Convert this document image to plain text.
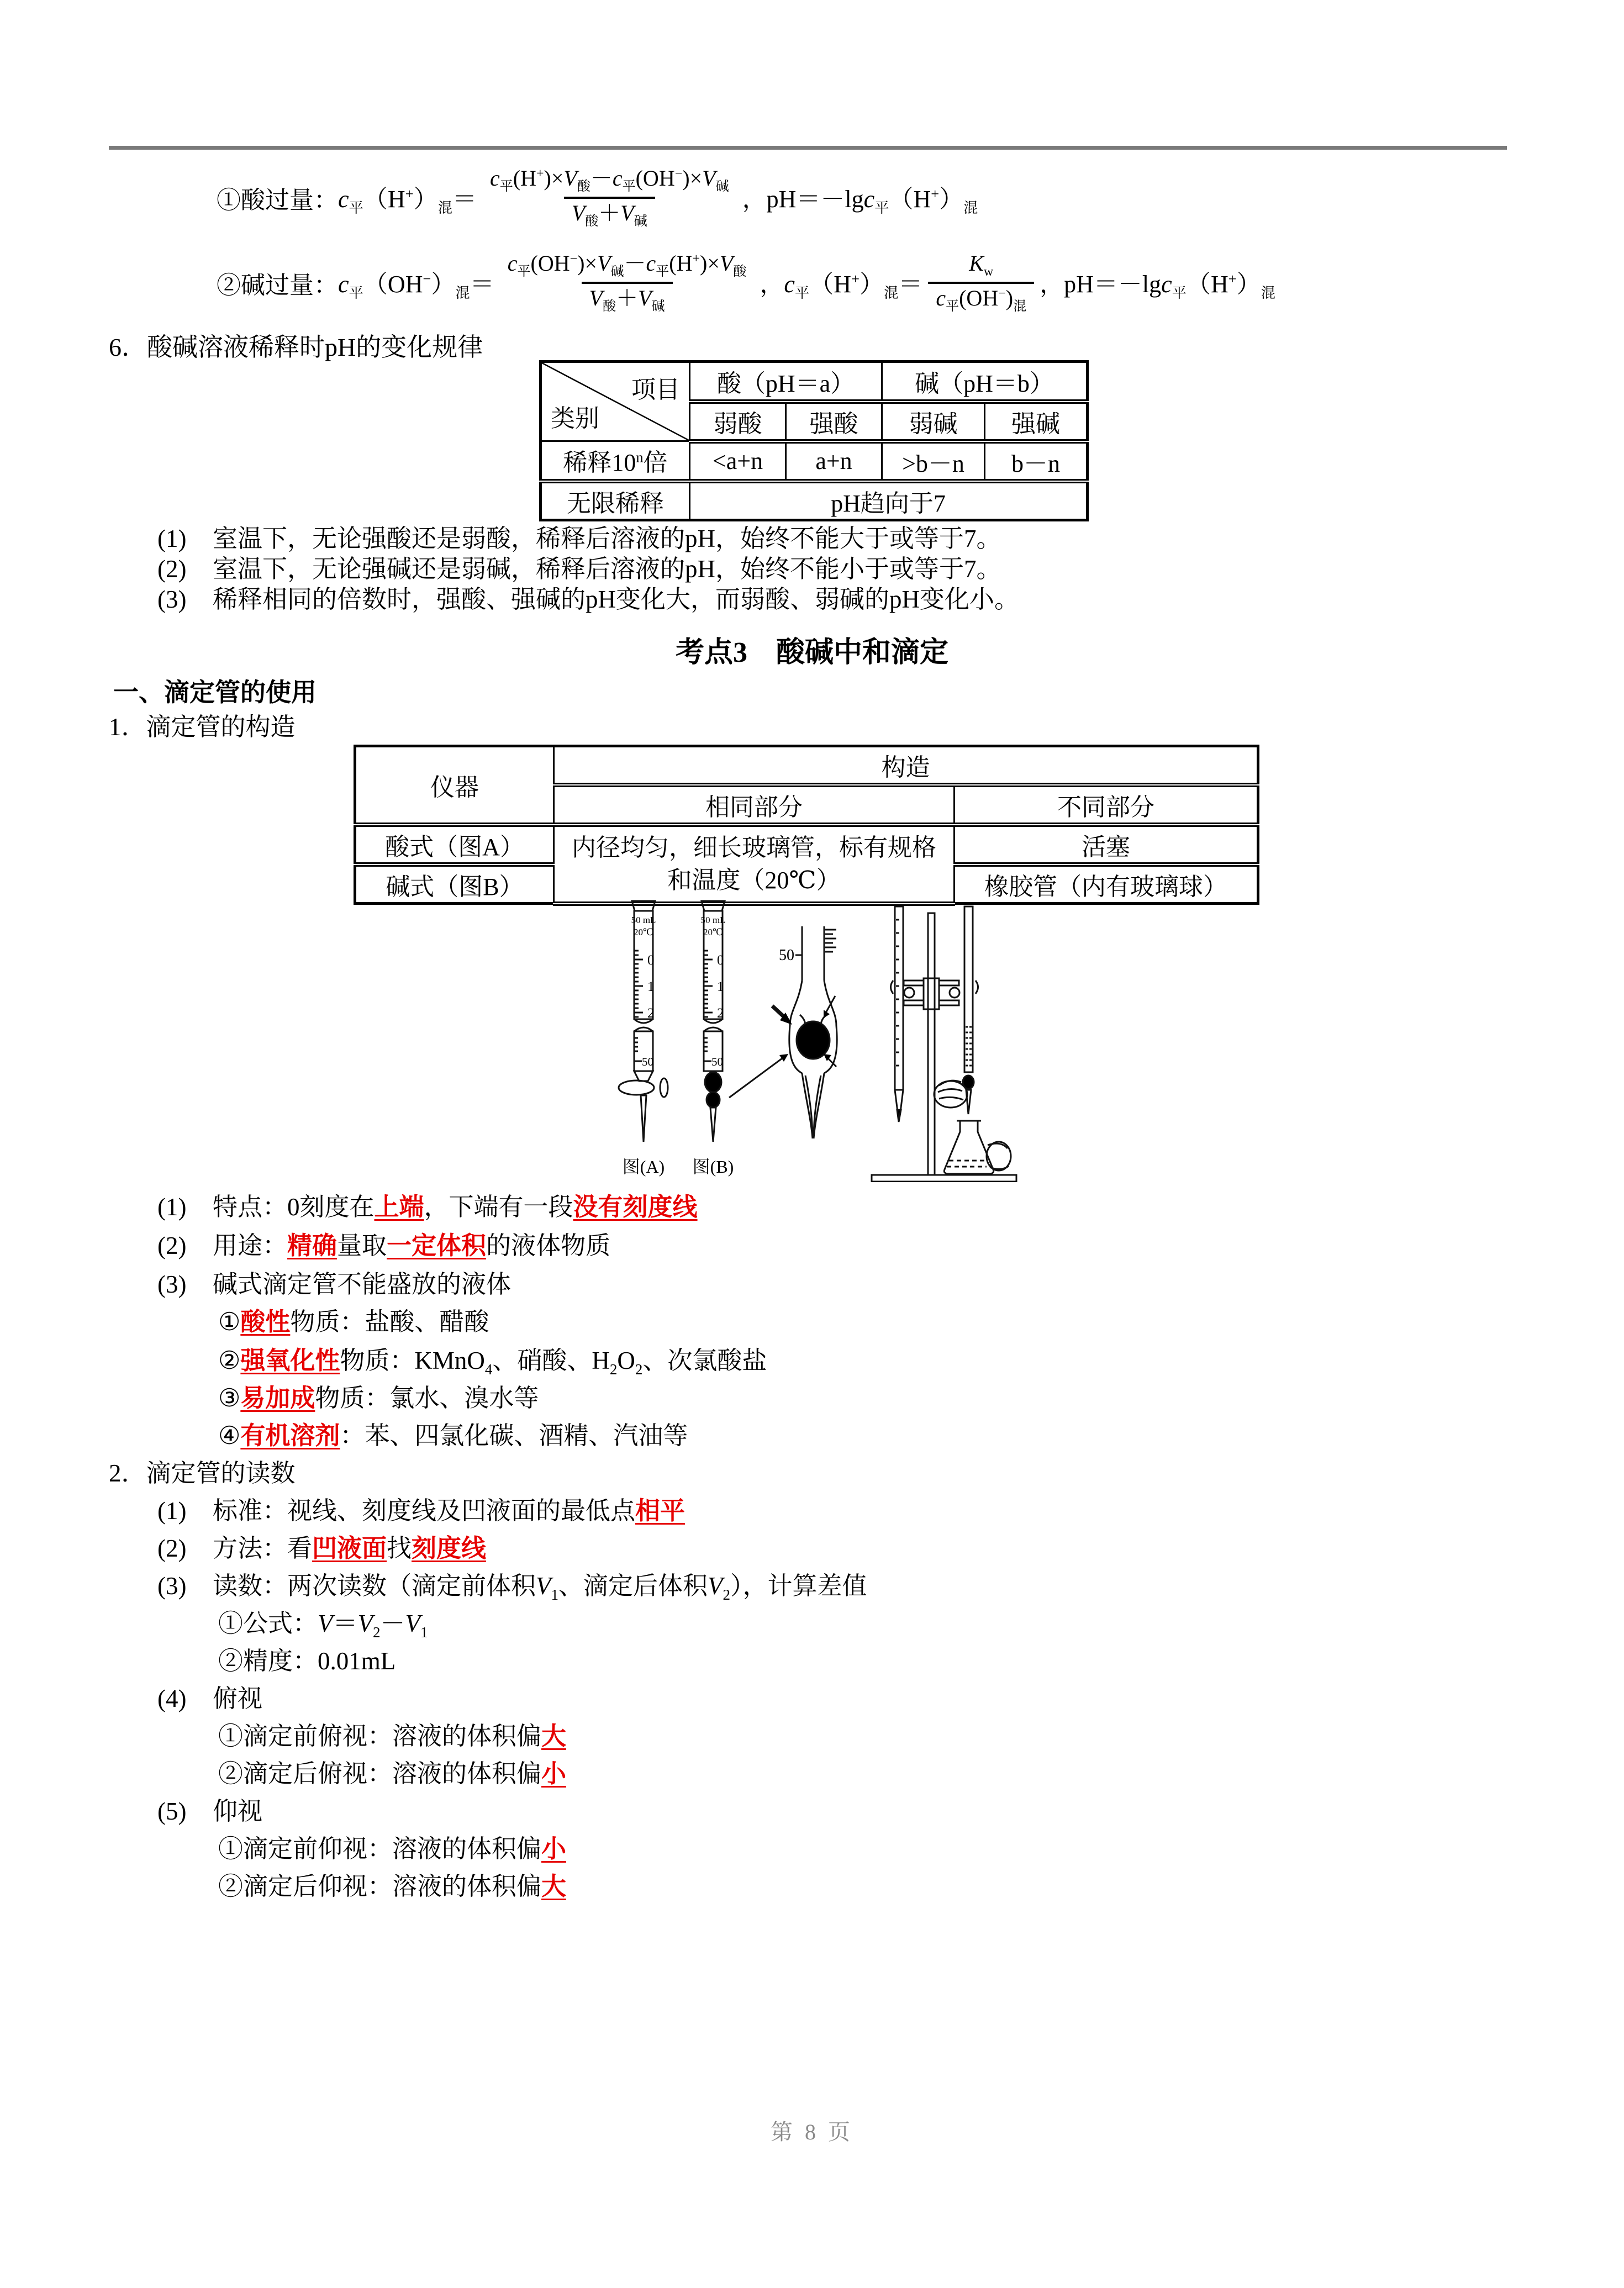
①酸过量： $c_平(H^+)_混= \frac{c_平(H^+)\times V_酸-c_平(OH^-)\times V_碱}{V_酸+V_碱}$ ，$pH=-\lg c_平(H^+)_混$
②碱过量： $c_平(OH^-)_混= \frac{c_平(OH^-)\times V_碱-c_平(H^+)\times V_酸}{V_酸+V_碱}$ ，$c_平(H^+)_混= \frac{K_w}{c_平(OH^-)_混}$ ，$pH=-\lg c_平(H^+)_混$
6．酸碱溶液稀释时pH的变化规律
项目
类别	酸（pH＝a）		碱（pH＝b）	
	弱酸	强酸	弱碱	强碱
稀释10$^n$倍	<a+n	a+n	>b－n	b－n
无限稀释	pH趋向于7			
(1) 室温下，无论强酸还是弱酸，稀释后溶液的pH，始终不能大于或等于7。
(2) 室温下，无论强碱还是弱碱，稀释后溶液的pH，始终不能小于或等于7。
(3) 稀释相同的倍数时，强酸、强碱的pH变化大，而弱酸、弱碱的pH变化小。
考点3　酸碱中和滴定
一、滴定管的使用
1．滴定管的构造
仪器	构造	
	相同部分	不同部分
酸式（图A）	内径均匀，细长玻璃管，标有规格和温度（20℃）	活塞
碱式（图B）		橡胶管（内有玻璃球）
50 mL
20℃
50 mL
20℃
0
1
2
50
0
1
2
50
50
图(A) 图(B)
(1) 特点：0刻度在上端，下端有一段没有刻度线
(2) 用途：精确量取一定体积的液体物质
(3) 碱式滴定管不能盛放的液体
①酸性物质：盐酸、醋酸
②强氧化性物质：KMnO$_4$、硝酸、$H_2O_2$、次氯酸盐
③易加成物质：氯水、溴水等
④有机溶剂：苯、四氯化碳、酒精、汽油等
2．滴定管的读数
(1) 标准：视线、刻度线及凹液面的最低点相平
(2) 方法：看凹液面找刻度线
(3) 读数：两次读数（滴定前体积$V_1$、滴定后体积$V_2$），计算差值
①公式：$V=V_2-V_1$
②精度：0.01mL
(4) 俯视
①滴定前俯视：溶液的体积偏大
②滴定后俯视：溶液的体积偏小
(5) 仰视
①滴定前仰视：溶液的体积偏小
②滴定后仰视：溶液的体积偏大
第 8 页
